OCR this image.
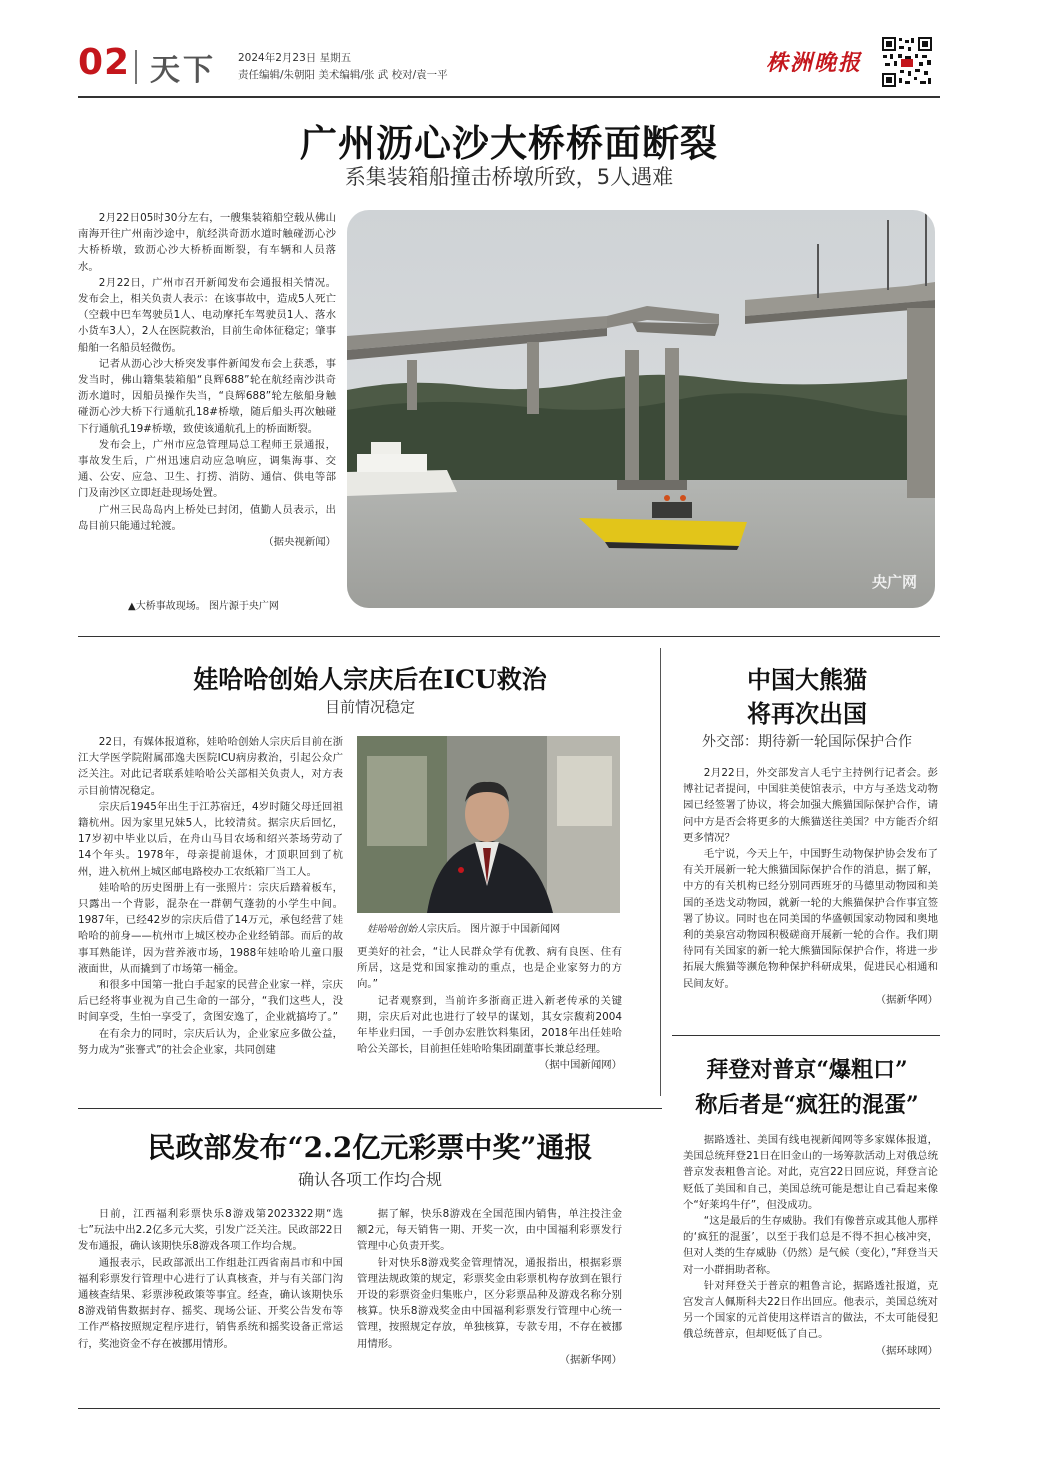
02 天下 2024年2月23日 星期五
责任编辑/朱朝阳 美术编辑/张 武 校对/袁一平	株洲晚报
广州沥心沙大桥桥面断裂
系集装箱船撞击桥墩所致，5人遇难

2月22日05时30分左右，一艘集装箱船空载从佛山南海开往广州南沙途中，航经洪奇沥水道时触碰沥心沙大桥桥墩，致沥心沙大桥桥面断裂，有车辆和人员落水。

2月22日，广州市召开新闻发布会通报相关情况。发布会上，相关负责人表示：在该事故中，造成5人死亡（空载中巴车驾驶员1人、电动摩托车驾驶员1人、落水小货车3人），2人在医院救治，目前生命体征稳定；肇事船舶一名船员轻微伤。

记者从沥心沙大桥突发事件新闻发布会上获悉，事发当时，佛山籍集装箱船“良辉688”轮在航经南沙洪奇沥水道时，因船员操作失当，“良辉688”轮左舷船身触碰沥心沙大桥下行通航孔18#桥墩，随后船头再次触碰下行通航孔19#桥墩，致使该通航孔上的桥面断裂。

发布会上，广州市应急管理局总工程师王景通报，事故发生后，广州迅速启动应急响应，调集海事、交通、公安、应急、卫生、打捞、消防、通信、供电等部门及南沙区立即赶赴现场处置。

广州三民岛岛内上桥处已封闭，值勤人员表示，出岛目前只能通过轮渡。

（据央视新闻）
央广网
▲大桥事故现场。 图片源于央广网
娃哈哈创始人宗庆后在ICU救治
目前情况稳定

22日，有媒体报道称，娃哈哈创始人宗庆后目前在浙江大学医学院附属邵逸夫医院ICU病房救治，引起公众广泛关注。对此记者联系娃哈哈公关部相关负责人，对方表示目前情况稳定。

宗庆后1945年出生于江苏宿迁，4岁时随父母迁回祖籍杭州。因为家里兄妹5人，比较清贫。据宗庆后回忆，17岁初中毕业以后，在舟山马目农场和绍兴茶场劳动了14个年头。1978年，母亲提前退休，才顶职回到了杭州，进入杭州上城区邮电路校办工农纸箱厂当工人。

娃哈哈的历史图册上有一张照片：宗庆后踏着板车，只露出一个背影，混杂在一群朝气蓬勃的小学生中间。1987年，已经42岁的宗庆后借了14万元，承包经营了娃哈哈的前身——杭州市上城区校办企业经销部。而后的故事耳熟能详，因为营养液市场，1988年娃哈哈儿童口服液面世，从而撬到了市场第一桶金。

和很多中国第一批白手起家的民营企业家一样，宗庆后已经将事业视为自己生命的一部分，“我们这些人，没时间享受，生怕一享受了，贪图安逸了，企业就搞垮了。”

在有余力的同时，宗庆后认为，企业家应多做公益，努力成为“张謇式”的社会企业家，共同创建

娃哈哈创始人宗庆后。 图片源于中国新闻网

更美好的社会，“让人民群众学有优教、病有良医、住有所居，这是党和国家推动的重点，也是企业家努力的方向。”

记者观察到，当前许多浙商正进入新老传承的关键期，宗庆后对此也进行了较早的谋划，其女宗馥莉2004年毕业归国，一手创办宏胜饮料集团，2018年出任娃哈哈公关部长，目前担任娃哈哈集团副董事长兼总经理。

（据中国新闻网）
中国大熊猫
将再次出国
外交部：期待新一轮国际保护合作

2月22日，外交部发言人毛宁主持例行记者会。彭博社记者提问，中国驻美使馆表示，中方与圣迭戈动物园已经签署了协议，将会加强大熊猫国际保护合作，请问中方是否会将更多的大熊猫送往美国？中方能否介绍更多情况？

毛宁说，今天上午，中国野生动物保护协会发布了有关开展新一轮大熊猫国际保护合作的消息，据了解，中方的有关机构已经分别同西班牙的马德里动物园和美国的圣迭戈动物园，就新一轮的大熊猫保护合作事宜签署了协议。同时也在同美国的华盛顿国家动物园和奥地利的美泉宫动物园积极磋商开展新一轮的合作。我们期待同有关国家的新一轮大熊猫国际保护合作，将进一步拓展大熊猫等濒危物种保护科研成果，促进民心相通和民间友好。

（据新华网）
拜登对普京“爆粗口”
称后者是“疯狂的混蛋”

据路透社、美国有线电视新闻网等多家媒体报道，美国总统拜登21日在旧金山的一场筹款活动上对俄总统普京发表粗鲁言论。对此，克宫22日回应说，拜登言论贬低了美国和自己，美国总统可能是想让自己看起来像个“好莱坞牛仔”，但没成功。

“这是最后的生存威胁。我们有像普京或其他人那样的‘疯狂的混蛋’，以至于我们总是不得不担心核冲突，但对人类的生存威胁（仍然）是气候（变化），”拜登当天对一小群捐助者称。

针对拜登关于普京的粗鲁言论，据路透社报道，克宫发言人佩斯科夫22日作出回应。他表示，美国总统对另一个国家的元首使用这样语言的做法，不太可能侵犯俄总统普京，但却贬低了自己。

（据环球网）
民政部发布“2.2亿元彩票中奖”通报
确认各项工作均合规

日前，江西福利彩票快乐8游戏第2023322期“选七”玩法中出2.2亿多元大奖，引发广泛关注。民政部22日发布通报，确认该期快乐8游戏各项工作均合规。

通报表示，民政部派出工作组赴江西省南昌市和中国福利彩票发行管理中心进行了认真核查，并与有关部门沟通核查结果、彩票涉税政策等事宜。经查，确认该期快乐8游戏销售数据封存、摇奖、现场公证、开奖公告发布等工作严格按照规定程序进行，销售系统和摇奖设备正常运行，奖池资金不存在被挪用情形。

据了解，快乐8游戏在全国范围内销售，单注投注金额2元，每天销售一期、开奖一次，由中国福利彩票发行管理中心负责开奖。

针对快乐8游戏奖金管理情况，通报指出，根据彩票管理法规政策的规定，彩票奖金由彩票机构存放到在银行开设的彩票资金归集账户，区分彩票品种及游戏名称分别核算。快乐8游戏奖金由中国福利彩票发行管理中心统一管理，按照规定存放，单独核算，专款专用，不存在被挪用情形。

（据新华网）
